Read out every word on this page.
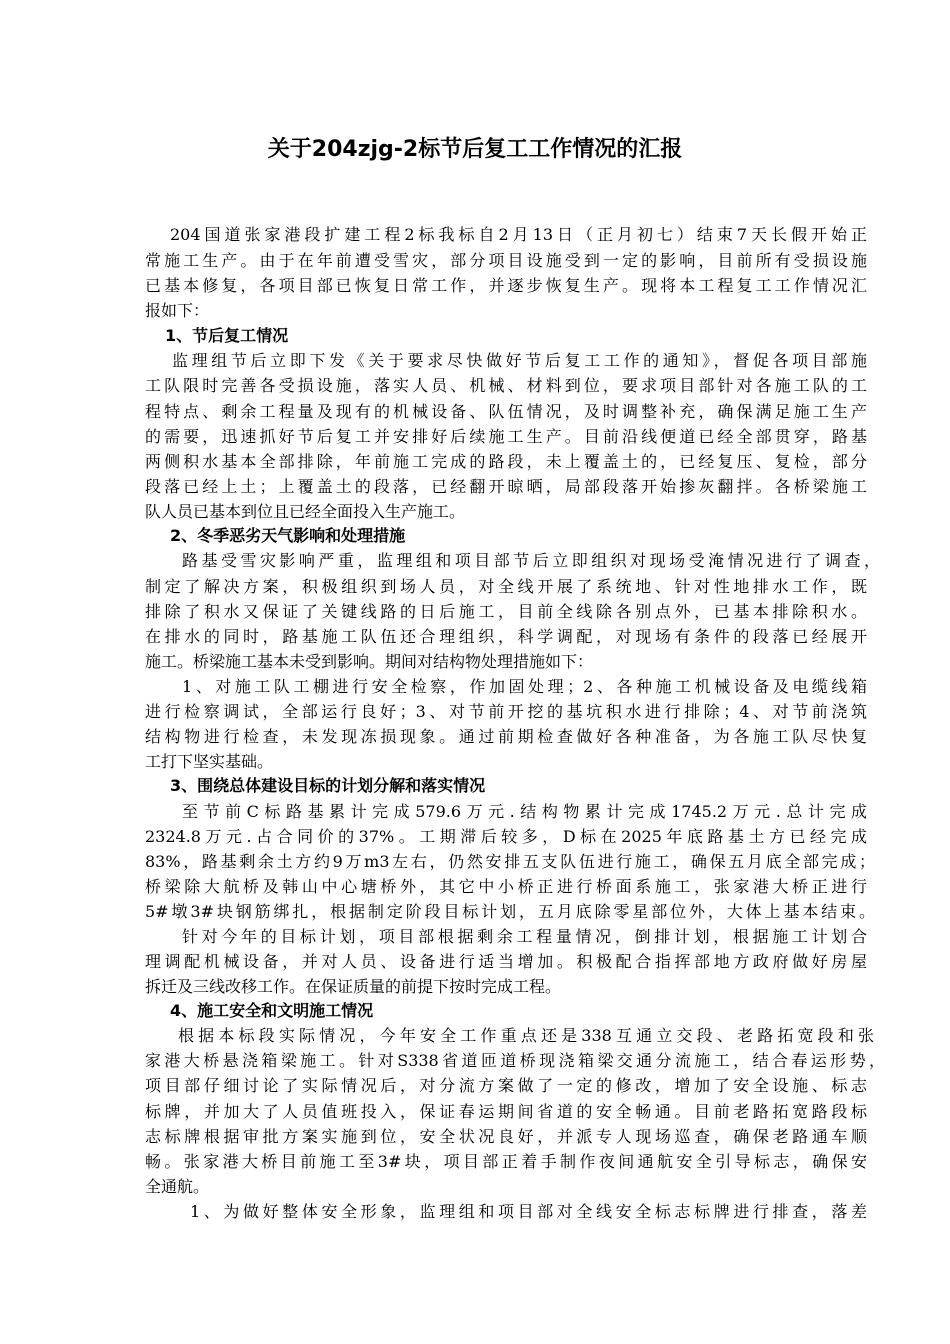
关于204zjg-2标节后复工工作情况的汇报
204国道张家港段扩建工程2标我标自2月13日（正月初七）结束7天长假开始正
常施工生产。由于在年前遭受雪灾，部分项目设施受到一定的影响，目前所有受损设施
已基本修复，各项目部已恢复日常工作，并逐步恢复生产。现将本工程复工工作情况汇
报如下：
1、节后复工情况
监理组节后立即下发《关于要求尽快做好节后复工工作的通知》，督促各项目部施
工队限时完善各受损设施，落实人员、机械、材料到位，要求项目部针对各施工队的工
程特点、剩余工程量及现有的机械设备、队伍情况，及时调整补充，确保满足施工生产
的需要，迅速抓好节后复工并安排好后续施工生产。目前沿线便道已经全部贯穿，路基
两侧积水基本全部排除，年前施工完成的路段，未上覆盖土的，已经复压、复检，部分
段落已经上土；上覆盖土的段落，已经翻开晾晒，局部段落开始掺灰翻拌。各桥梁施工
队人员已基本到位且已经全面投入生产施工。
2、冬季恶劣天气影响和处理措施
路基受雪灾影响严重，监理组和项目部节后立即组织对现场受淹情况进行了调查，
制定了解决方案，积极组织到场人员，对全线开展了系统地、针对性地排水工作，既
排除了积水又保证了关键线路的日后施工，目前全线除各别点外，已基本排除积水。
在排水的同时，路基施工队伍还合理组织，科学调配，对现场有条件的段落已经展开
施工。桥梁施工基本未受到影响。期间对结构物处理措施如下：
1、对施工队工棚进行安全检察，作加固处理；2、各种施工机械设备及电缆线箱
进行检察调试，全部运行良好；3、对节前开挖的基坑积水进行排除；4、对节前浇筑
结构物进行检查，未发现冻损现象。通过前期检查做好各种准备，为各施工队尽快复
工打下坚实基础。
3、围绕总体建设目标的计划分解和落实情况
至节前C标路基累计完成579.6万元.结构物累计完成1745.2万元.总计完成
2324.8万元.占合同价的37%。工期滞后较多，D标在2025年底路基土方已经完成
83%，路基剩余土方约9万m3左右，仍然安排五支队伍进行施工，确保五月底全部完成；
桥梁除大航桥及韩山中心塘桥外，其它中小桥正进行桥面系施工，张家港大桥正进行
5#墩3#块钢筋绑扎，根据制定阶段目标计划，五月底除零星部位外，大体上基本结束。
针对今年的目标计划，项目部根据剩余工程量情况，倒排计划，根据施工计划合
理调配机械设备，并对人员、设备进行适当增加。积极配合指挥部地方政府做好房屋
拆迁及三线改移工作。在保证质量的前提下按时完成工程。
4、施工安全和文明施工情况
根据本标段实际情况，今年安全工作重点还是338互通立交段、老路拓宽段和张
家港大桥悬浇箱梁施工。针对S338省道匝道桥现浇箱梁交通分流施工，结合春运形势，
项目部仔细讨论了实际情况后，对分流方案做了一定的修改，增加了安全设施、标志
标牌，并加大了人员值班投入，保证春运期间省道的安全畅通。目前老路拓宽路段标
志标牌根据审批方案实施到位，安全状况良好，并派专人现场巡查，确保老路通车顺
畅。张家港大桥目前施工至3#块，项目部正着手制作夜间通航安全引导标志，确保安
全通航。
1、为做好整体安全形象，监理组和项目部对全线安全标志标牌进行排查，落差
